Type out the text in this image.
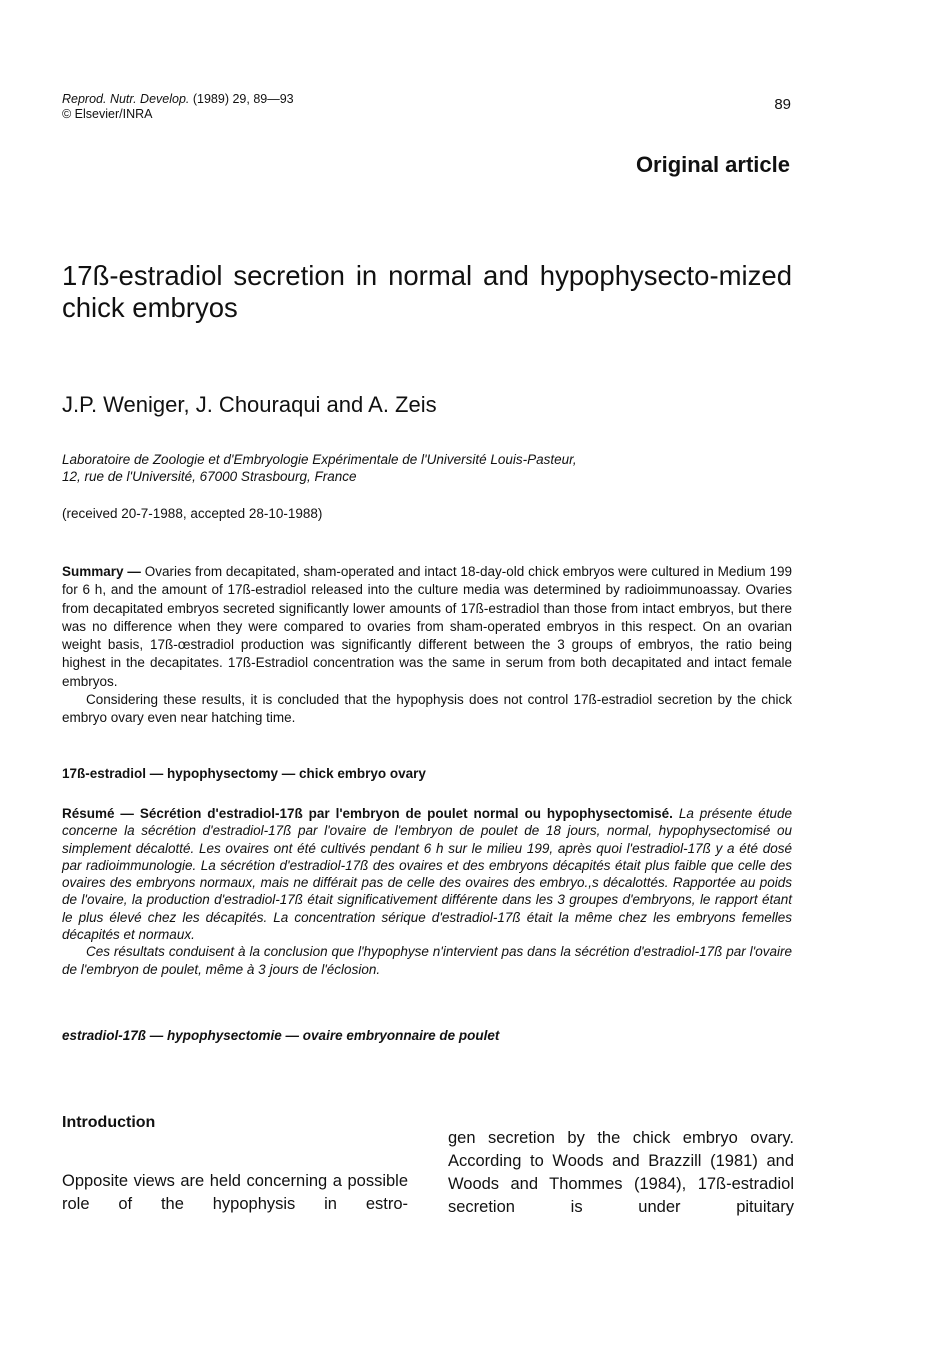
Reprod. Nutr. Develop. (1989) 29, 89—93
© Elsevier/INRA
89
Original article
17ß-estradiol secretion in normal and hypophysecto-mized chick embryos
J.P. Weniger, J. Chouraqui and A. Zeis
Laboratoire de Zoologie et d'Embryologie Expérimentale de l'Université Louis-Pasteur,
12, rue de l'Université, 67000 Strasbourg, France
(received 20-7-1988, accepted 28-10-1988)

Summary — Ovaries from decapitated, sham-operated and intact 18-day-old chick embryos were cultured in Medium 199 for 6 h, and the amount of 17ß-estradiol released into the culture media was determined by radioimmunoassay. Ovaries from decapitated embryos secreted significantly lower amounts of 17ß-estradiol than those from intact embryos, but there was no difference when they were compared to ovaries from sham-operated embryos in this respect. On an ovarian weight basis, 17ß-œstradiol production was significantly different between the 3 groups of embryos, the ratio being highest in the decapitates. 17ß-Estradiol concentration was the same in serum from both decapitated and intact female embryos.

Considering these results, it is concluded that the hypophysis does not control 17ß-estradiol secretion by the chick embryo ovary even near hatching time.

17ß-estradiol — hypophysectomy — chick embryo ovary

Résumé — Sécrétion d'estradiol-17ß par l'embryon de poulet normal ou hypophysectomisé. La présente étude concerne la sécrétion d'estradiol-17ß par l'ovaire de l'embryon de poulet de 18 jours, normal, hypophysectomisé ou simplement décalotté. Les ovaires ont été cultivés pendant 6 h sur le milieu 199, après quoi l'estradiol-17ß y a été dosé par radioimmunologie. La sécrétion d'estradiol-17ß des ovaires et des embryons décapités était plus faible que celle des ovaires des embryons normaux, mais ne différait pas de celle des ovaires des embryo.,s décalottés. Rapportée au poids de l'ovaire, la production d'estradiol-17ß était significativement différente dans les 3 groupes d'embryons, le rapport étant le plus élevé chez les décapités. La concentration sérique d'estradiol-17ß était la même chez les embryons femelles décapités et normaux.

Ces résultats conduisent à la conclusion que l'hypophyse n'intervient pas dans la sécrétion d'estradiol-17ß par l'ovaire de l'embryon de poulet, même à 3 jours de l'éclosion.

estradiol-17ß — hypophysectomie — ovaire embryonnaire de poulet
Introduction
Opposite views are held concerning a possible role of the hypophysis in estro-
gen secretion by the chick embryo ovary. According to Woods and Brazzill (1981) and Woods and Thommes (1984), 17ß-estradiol secretion is under pituitary
